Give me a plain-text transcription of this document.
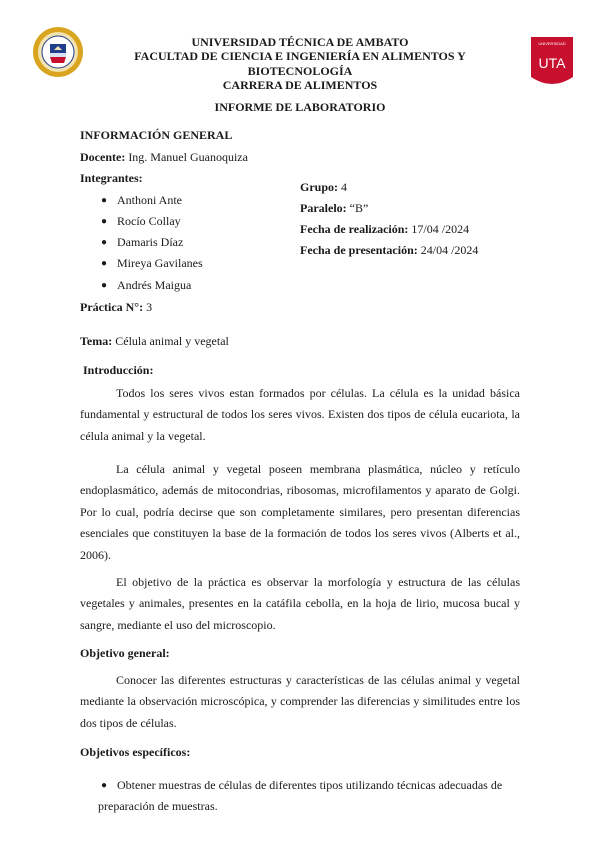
UNIVERSIDAD
UTA
UNIVERSIDAD TÉCNICA DE AMBATO
FACULTAD DE CIENCIA E INGENIERÍA EN ALIMENTOS Y
BIOTECNOLOGÍA
CARRERA DE ALIMENTOS
INFORME DE LABORATORIO
INFORMACIÓN GENERAL
Docente: Ing. Manuel Guanoquiza
Integrantes:
● Anthoni Ante
● Rocío Collay
● Damaris Díaz
● Mireya Gavilanes
● Andrés Maigua
Grupo: 4
Paralelo: “B”
Fecha de realización: 17/04 /2024
Fecha de presentación: 24/04 /2024
Práctica N°: 3
Tema: Célula animal y vegetal
Introducción:
Todos los seres vivos estan formados por células. La célula es la unidad básica fundamental y estructural de todos los seres vivos. Existen dos tipos de célula eucariota, la célula animal y la vegetal.
La célula animal y vegetal poseen membrana plasmática, núcleo y retículo endoplasmático, además de mitocondrias, ribosomas, microfilamentos y aparato de Golgi. Por lo cual, podría decirse que son completamente similares, pero presentan diferencias esenciales que constituyen la base de la formación de todos los seres vivos (Alberts et al., 2006).
El objetivo de la práctica es observar la morfología y estructura de las células vegetales y animales, presentes en la catáfila cebolla, en la hoja de lirio, mucosa bucal y sangre, mediante el uso del microscopio.
Objetivo general:
Conocer las diferentes estructuras y características de las células animal y vegetal mediante la observación microscópica, y comprender las diferencias y similitudes entre los dos tipos de células.
Objetivos específicos:
● Obtener muestras de células de diferentes tipos utilizando técnicas adecuadas de
preparación de muestras.
